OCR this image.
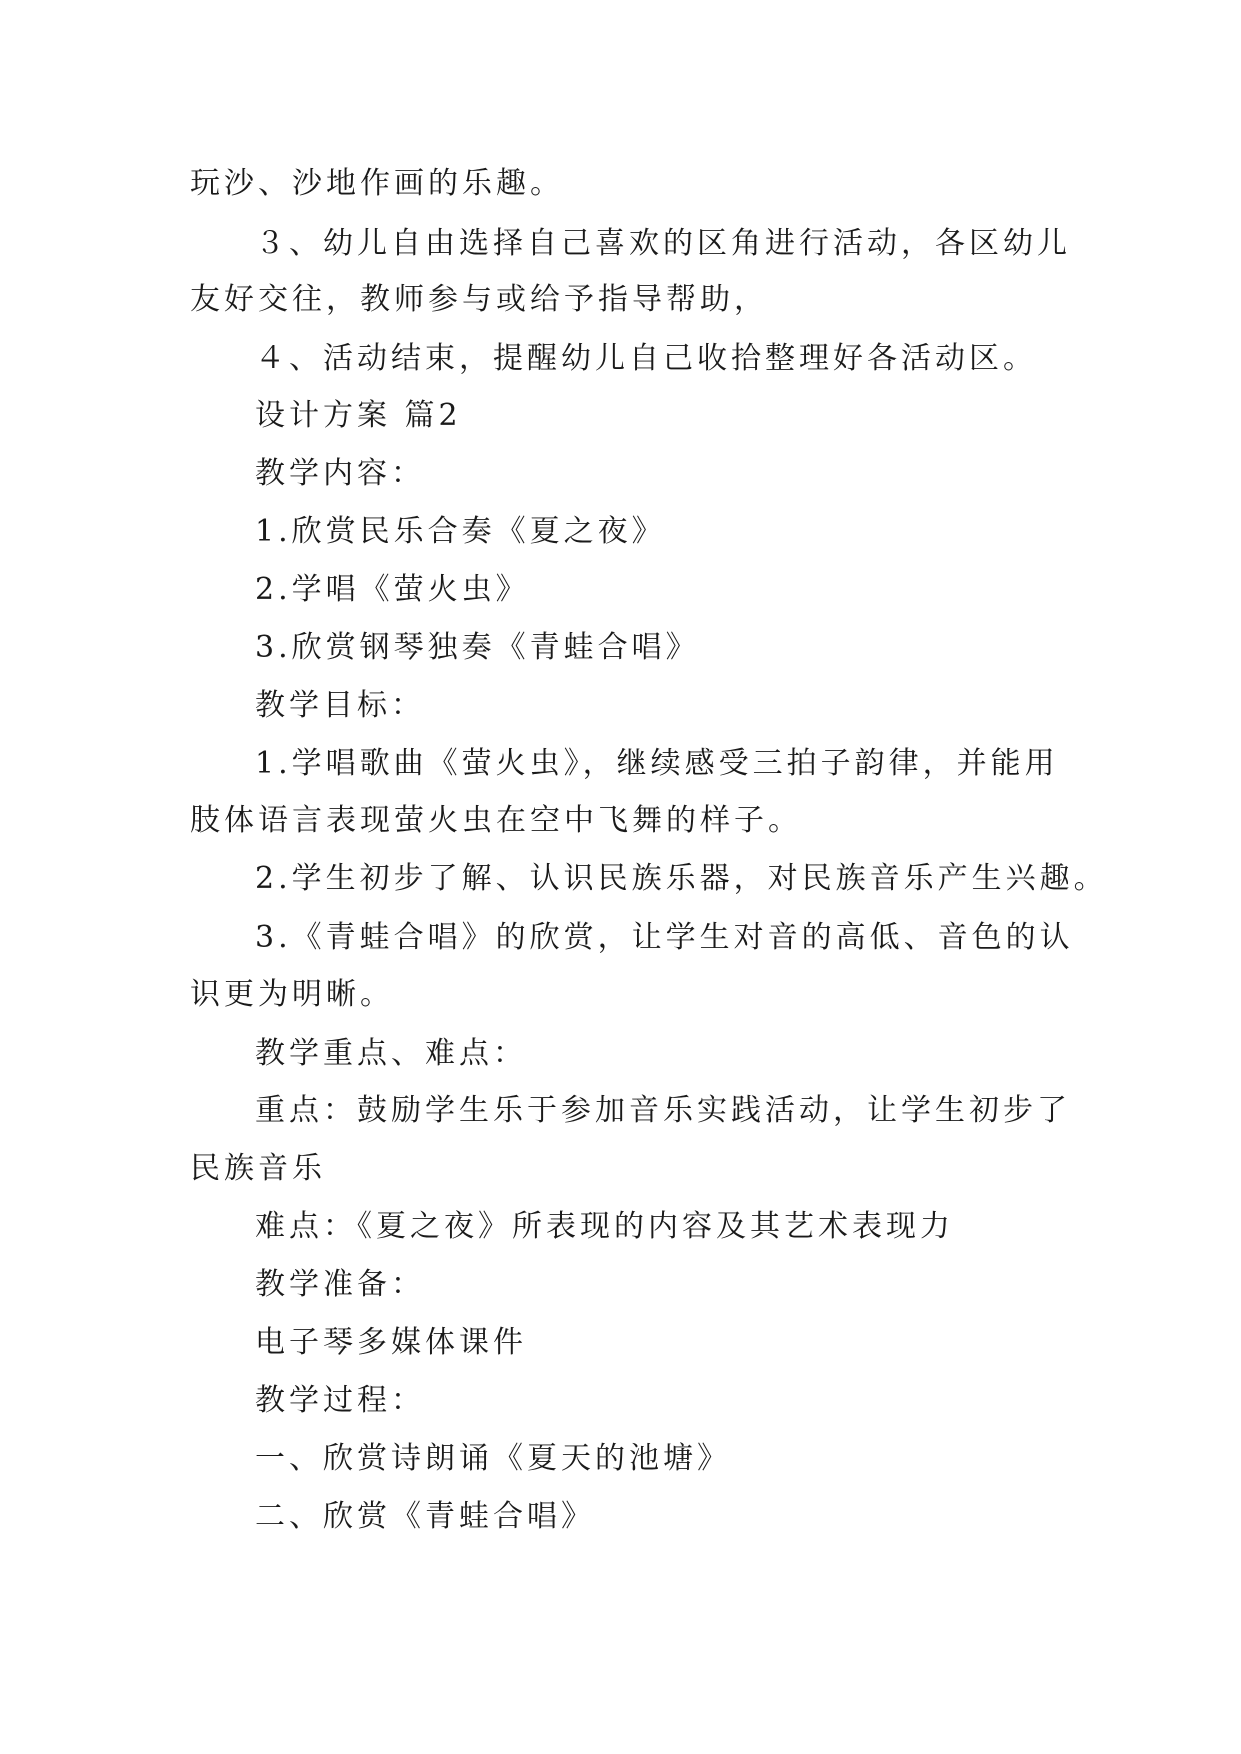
玩沙、沙地作画的乐趣。
３、幼儿自由选择自己喜欢的区角进行活动，各区幼儿
友好交往，教师参与或给予指导帮助，
４、活动结束，提醒幼儿自己收拾整理好各活动区。
设计方案 篇2
教学内容：
1.欣赏民乐合奏《夏之夜》
2.学唱《萤火虫》
3.欣赏钢琴独奏《青蛙合唱》
教学目标：
1.学唱歌曲《萤火虫》，继续感受三拍子韵律，并能用
肢体语言表现萤火虫在空中飞舞的样子。
2.学生初步了解、认识民族乐器，对民族音乐产生兴趣。
3.《青蛙合唱》的欣赏，让学生对音的高低、音色的认
识更为明晰。
教学重点、难点：
重点：鼓励学生乐于参加音乐实践活动，让学生初步了
民族音乐
难点：《夏之夜》所表现的内容及其艺术表现力
教学准备：
电子琴多媒体课件
教学过程：
一、欣赏诗朗诵《夏天的池塘》
二、欣赏《青蛙合唱》
